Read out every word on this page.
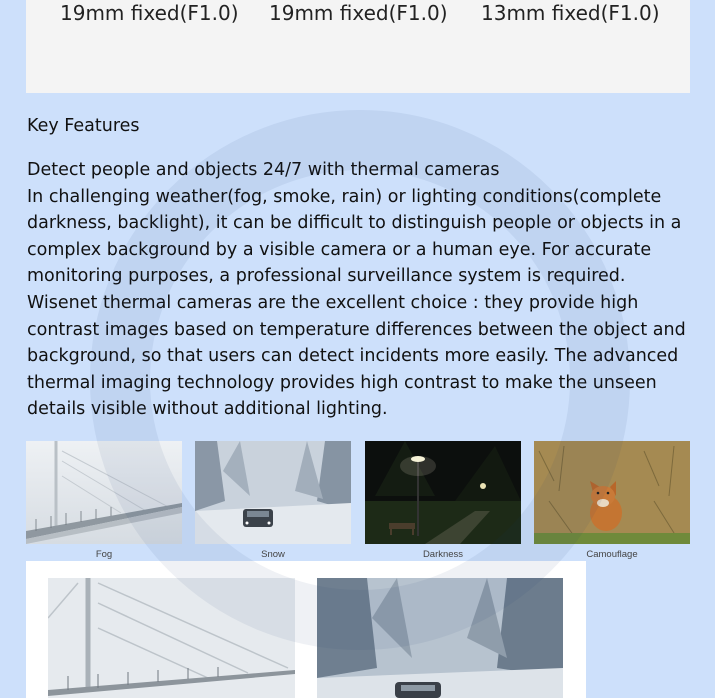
19mm fixed(F1.0) 19mm fixed(F1.0) 13mm fixed(F1.0)
Key Features

Detect people and objects 24/7 with thermal cameras

In challenging weather(fog, smoke, rain) or lighting conditions(complete darkness, backlight), it can be difficult to distinguish people or objects in a complex background by a visible camera or a human eye. For accurate monitoring purposes, a professional surveillance system is required. Wisenet thermal cameras are the excellent choice : they provide high contrast images based on temperature differences between the object and background, so that users can detect incidents more easily. The advanced thermal imaging technology provides high contrast to make the unseen details visible without additional lighting.

Fog	Snow	Darkness	Camouflage
